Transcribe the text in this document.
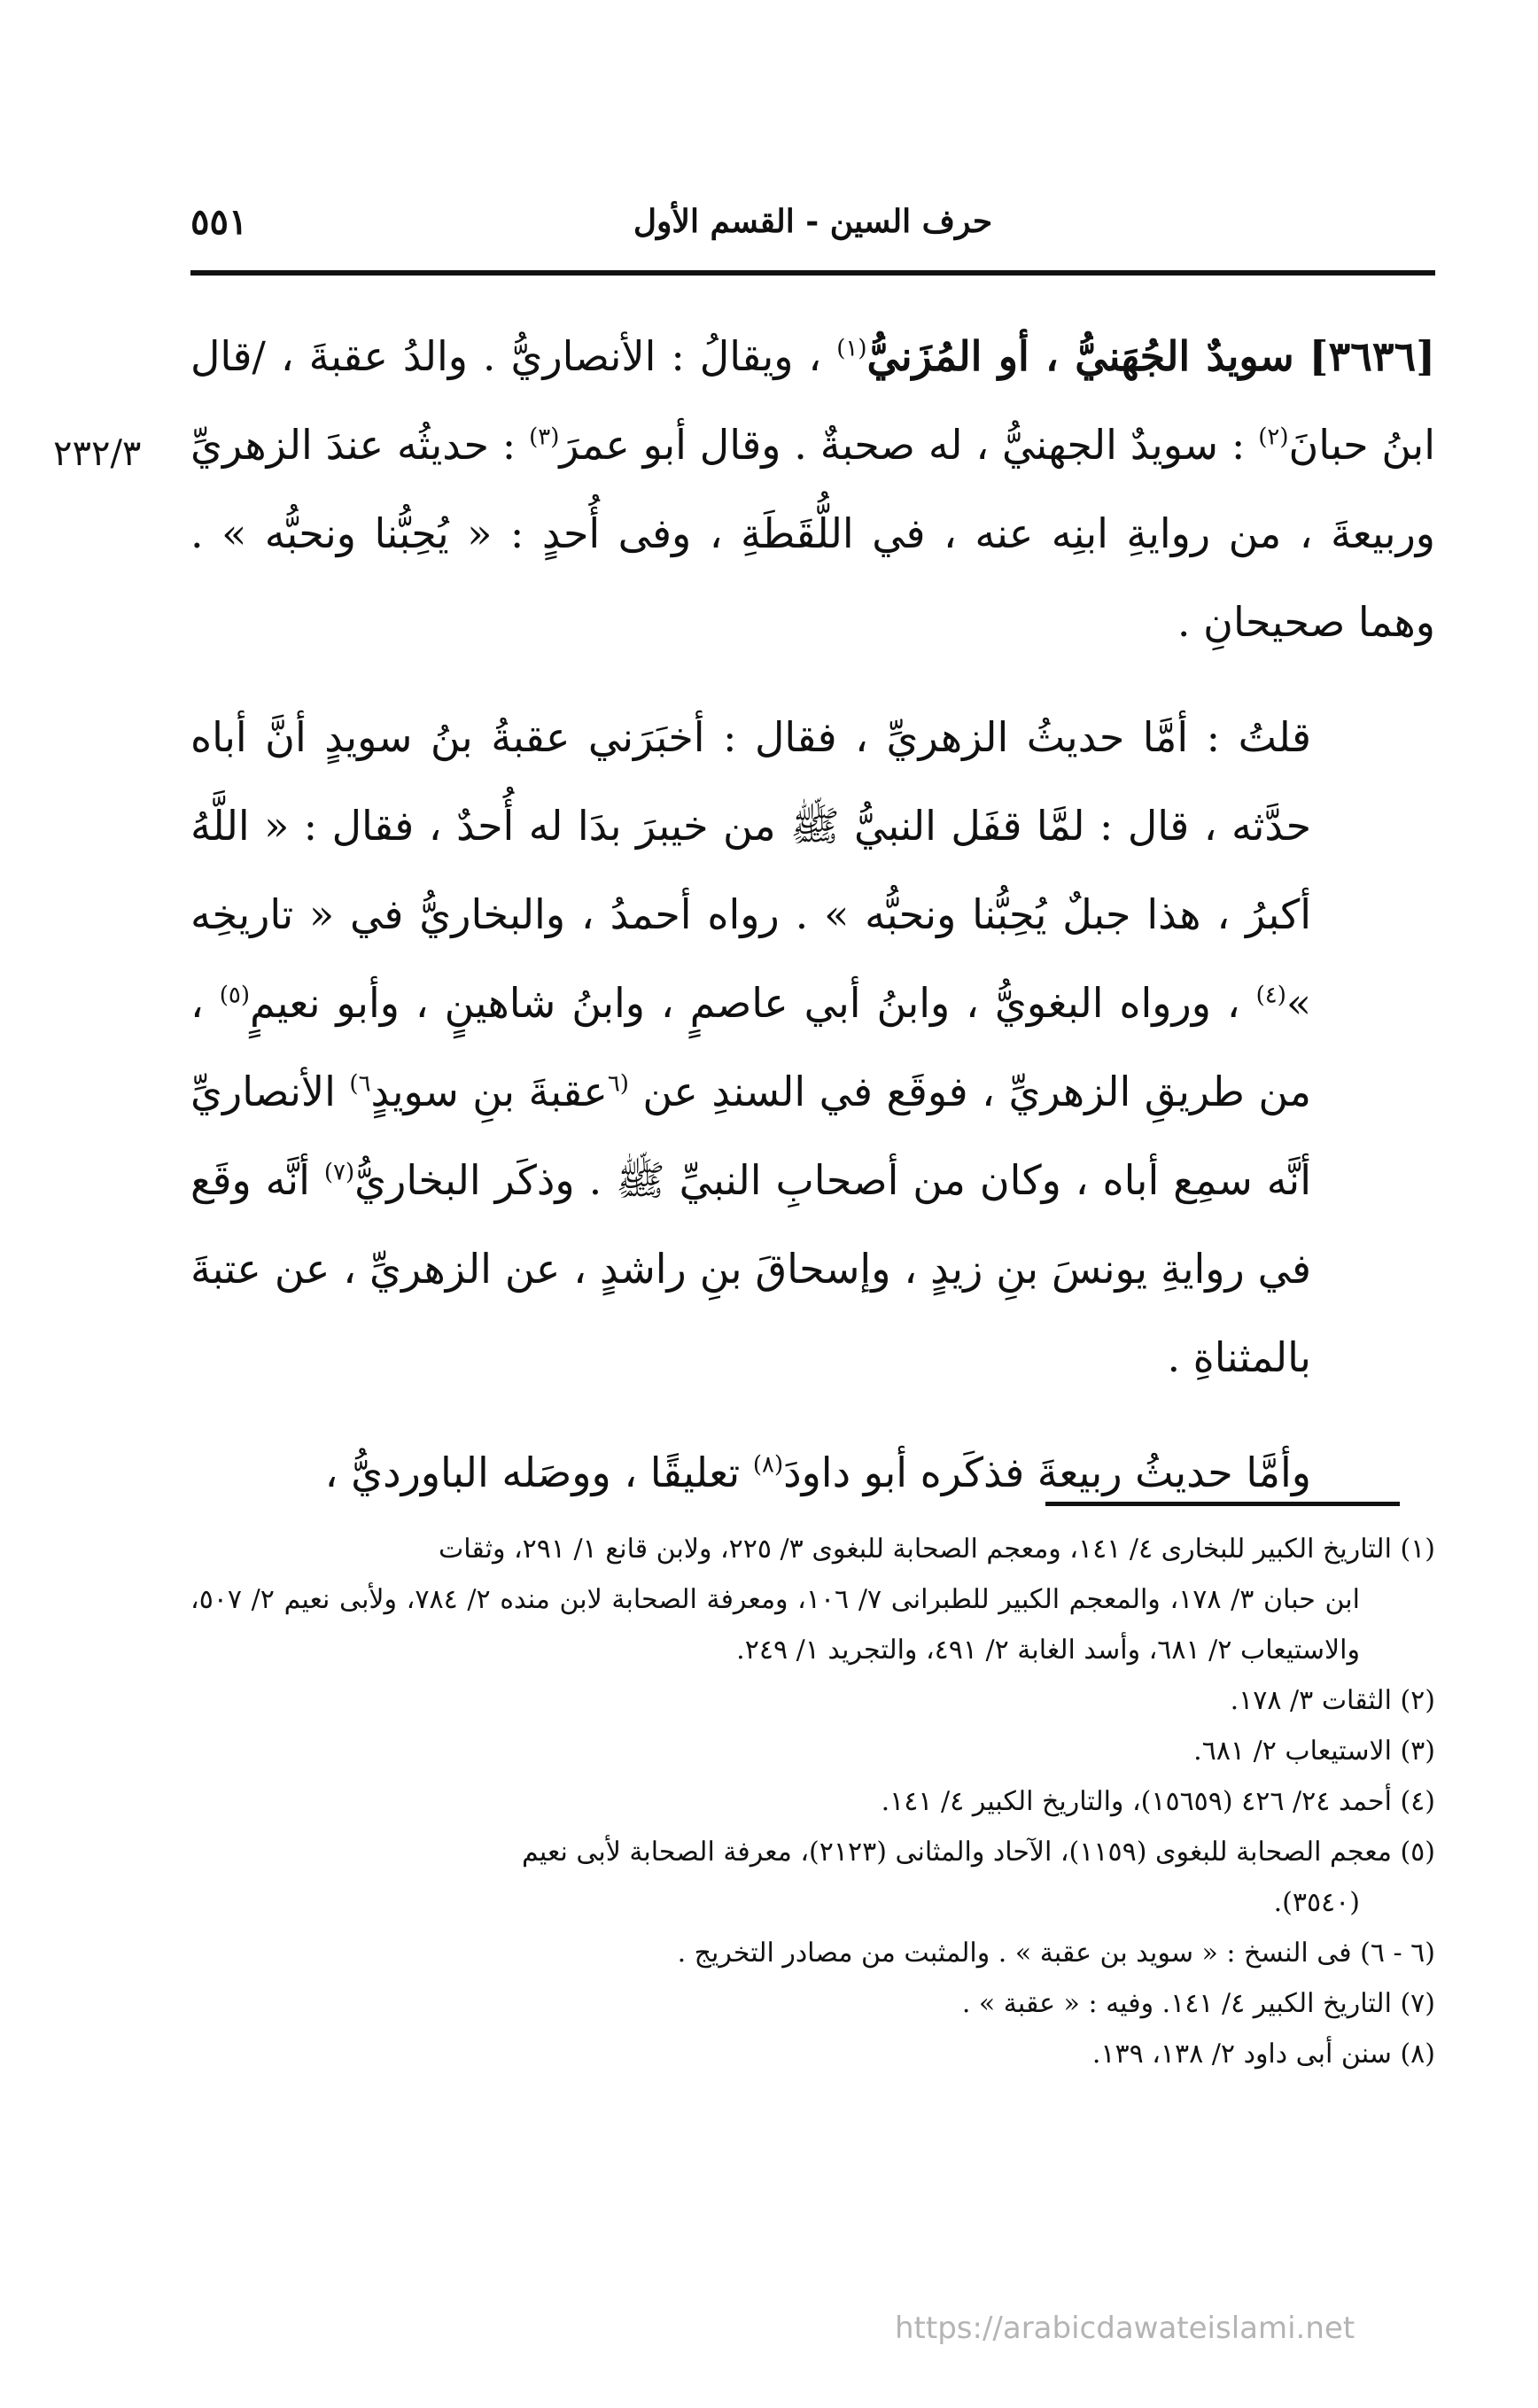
٥٥١	حرف السين - القسم الأول
٢٣٢/٣

[٣٦٣٦] سويدٌ الجُهَنيُّ ، أو المُزَنيُّ$^{(١)}$ ، ويقالُ : الأنصاريُّ . والدُ عقبةَ ، /قال ابنُ حبانَ$^{(٢)}$ : سويدٌ الجهنيُّ ، له صحبةٌ . وقال أبو عمرَ$^{(٣)}$ : حديثُه عندَ الزهريِّ وربيعةَ ، من روايةِ ابنِه عنه ، في اللُّقَطَةِ ، وفى أُحدٍ : « يُحِبُّنا ونحبُّه » . وهما صحيحانِ .

قلتُ : أمَّا حديثُ الزهريِّ ، فقال : أخبَرَني عقبةُ بنُ سويدٍ أنَّ أباه حدَّثه ، قال : لمَّا قفَل النبيُّ ﷺ من خيبرَ بدَا له أُحدٌ ، فقال : « اللَّهُ أكبرُ ، هذا جبلٌ يُحِبُّنا ونحبُّه » . رواه أحمدُ ، والبخاريُّ في « تاريخِه »$^{(٤)}$ ، ورواه البغويُّ ، وابنُ أبي عاصمٍ ، وابنُ شاهينٍ ، وأبو نعيمٍ$^{(٥)}$ ، من طريقِ الزهريِّ ، فوقَع في السندِ عن $^{(٦}$عقبةَ بنِ سويدٍ$^{٦)}$ الأنصاريِّ أنَّه سمِع أباه ، وكان من أصحابِ النبيِّ ﷺ . وذكَر البخاريُّ$^{(٧)}$ أنَّه وقَع في روايةِ يونسَ بنِ زيدٍ ، وإسحاقَ بنِ راشدٍ ، عن الزهريِّ ، عن عتبةَ بالمثناةِ .

وأمَّا حديثُ ربيعةَ فذكَره أبو داودَ$^{(٨)}$ تعليقًا ، ووصَله الباورديُّ ،

(١) التاريخ الكبير للبخارى ٤/ ١٤١، ومعجم الصحابة للبغوى ٣/ ٢٢٥، ولابن قانع ١/ ٢٩١، وثقات

ابن حبان ٣/ ١٧٨، والمعجم الكبير للطبرانى ٧/ ١٠٦، ومعرفة الصحابة لابن منده ٢/ ٧٨٤، ولأبى نعيم ٢/ ٥٠٧، والاستيعاب ٢/ ٦٨١، وأسد الغابة ٢/ ٤٩١، والتجريد ١/ ٢٤٩.

(٢) الثقات ٣/ ١٧٨.

(٣) الاستيعاب ٢/ ٦٨١.

(٤) أحمد ٢٤/ ٤٢٦ (١٥٦٥٩)، والتاريخ الكبير ٤/ ١٤١.

(٥) معجم الصحابة للبغوى (١١٥٩)، الآحاد والمثانى (٢١٢٣)، معرفة الصحابة لأبى نعيم

(٣٥٤٠).

(٦ - ٦) فى النسخ : « سويد بن عقبة » . والمثبت من مصادر التخريج .

(٧) التاريخ الكبير ٤/ ١٤١. وفيه : « عقبة » .

(٨) سنن أبى داود ٢/ ١٣٨، ١٣٩.

https://arabicdawateislami.net
